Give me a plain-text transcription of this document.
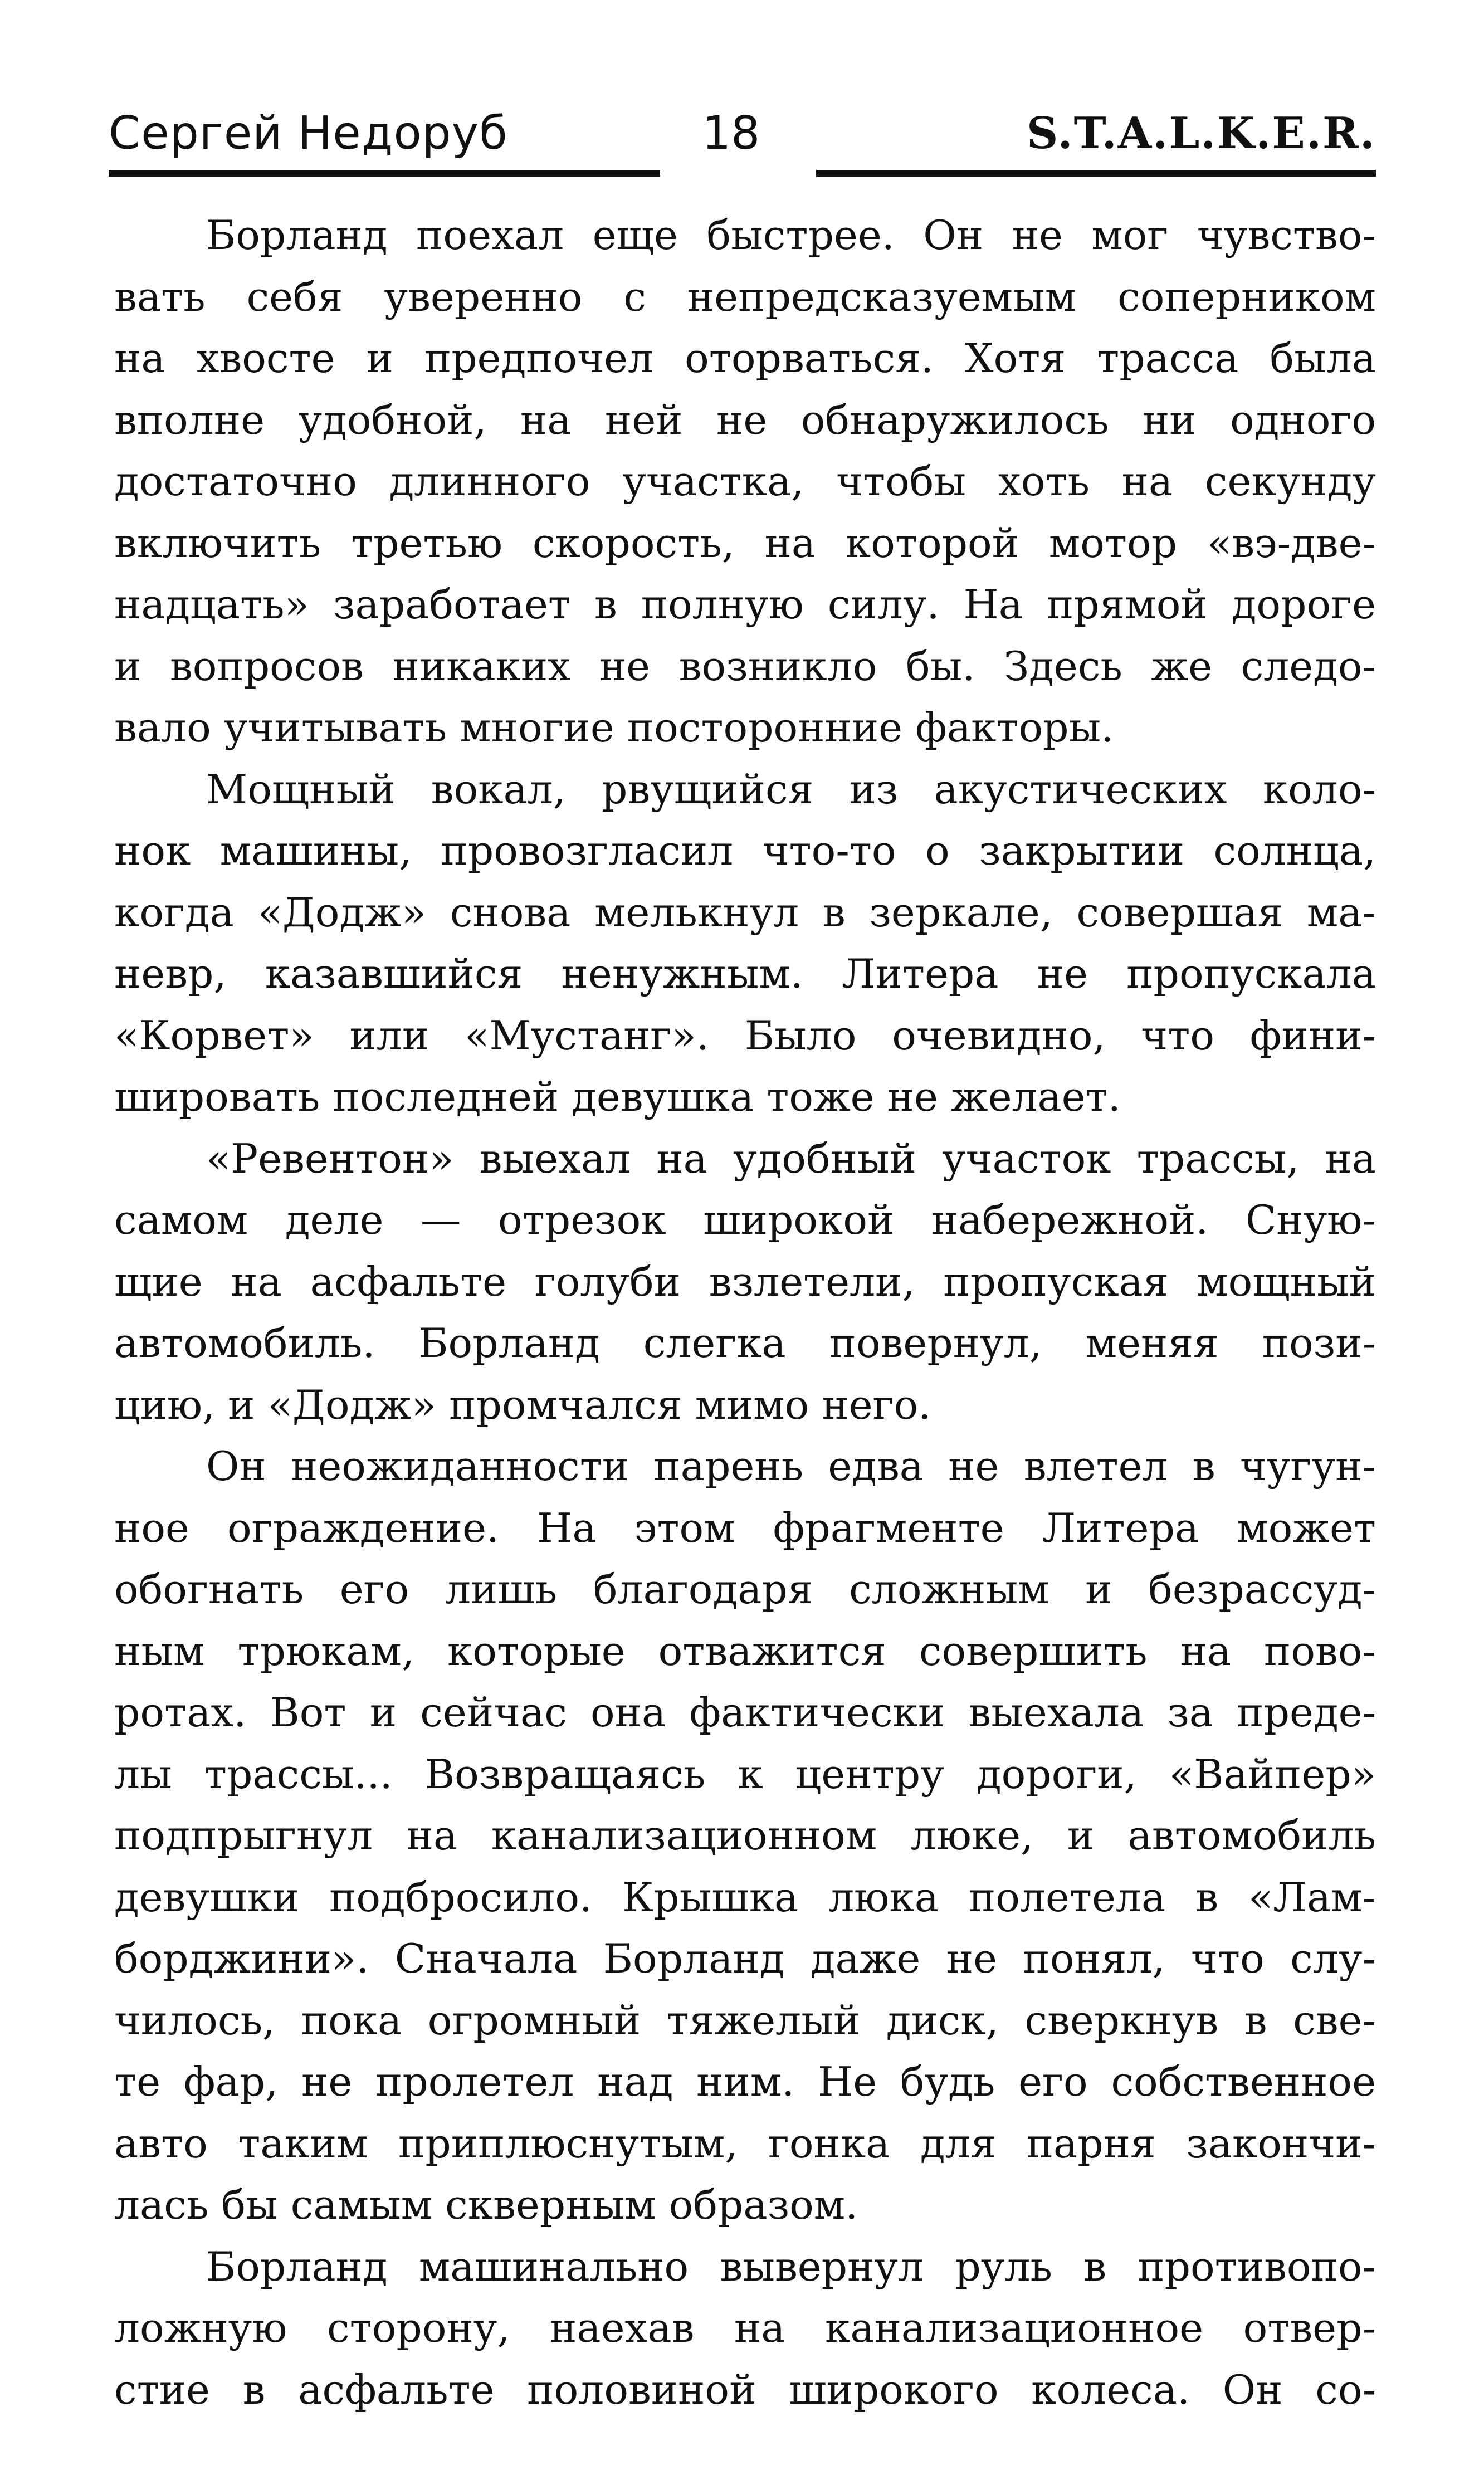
Сергей Недоруб	18	S.T.A.L.K.E.R.
Борланд поехал еще быстрее. Он не мог чувство-
вать себя уверенно с непредсказуемым соперником
на хвосте и предпочел оторваться. Хотя трасса была
вполне удобной, на ней не обнаружилось ни одного
достаточно длинного участка, чтобы хоть на секунду
включить третью скорость, на которой мотор «вэ-две-
надцать» заработает в полную силу. На прямой дороге
и вопросов никаких не возникло бы. Здесь же следо-
вало учитывать многие посторонние факторы.
Мощный вокал, рвущийся из акустических коло-
нок машины, провозгласил что-то о закрытии солнца,
когда «Додж» снова мелькнул в зеркале, совершая ма-
невр, казавшийся ненужным. Литера не пропускала
«Корвет» или «Мустанг». Было очевидно, что фини-
шировать последней девушка тоже не желает.
«Ревентон» выехал на удобный участок трассы, на
самом деле — отрезок широкой набережной. Сную-
щие на асфальте голуби взлетели, пропуская мощный
автомобиль. Борланд слегка повернул, меняя пози-
цию, и «Додж» промчался мимо него.
Он неожиданности парень едва не влетел в чугун-
ное ограждение. На этом фрагменте Литера может
обогнать его лишь благодаря сложным и безрассуд-
ным трюкам, которые отважится совершить на пово-
ротах. Вот и сейчас она фактически выехала за преде-
лы трассы... Возвращаясь к центру дороги, «Вайпер»
подпрыгнул на канализационном люке, и автомобиль
девушки подбросило. Крышка люка полетела в «Лам-
борджини». Сначала Борланд даже не понял, что слу-
чилось, пока огромный тяжелый диск, сверкнув в све-
те фар, не пролетел над ним. Не будь его собственное
авто таким приплюснутым, гонка для парня закончи-
лась бы самым скверным образом.
Борланд машинально вывернул руль в противопо-
ложную сторону, наехав на канализационное отвер-
стие в асфальте половиной широкого колеса. Он со-
